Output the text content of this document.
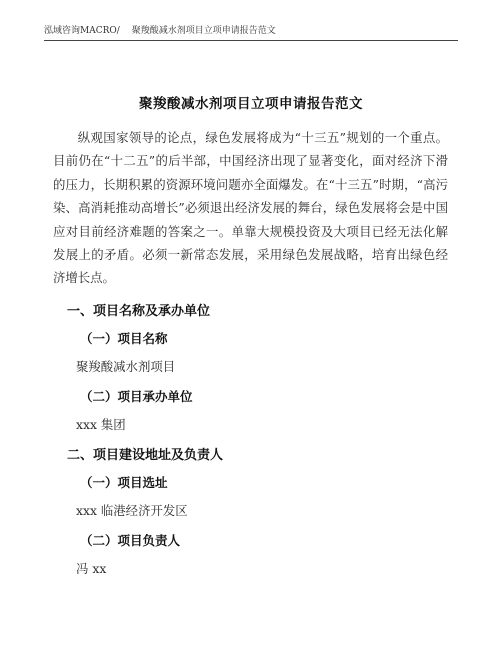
泓域咨询MACRO/ 聚羧酸减水剂项目立项申请报告范文
聚羧酸减水剂项目立项申请报告范文
纵观国家领导的论点，绿色发展将成为“十三五”规划的一个重点。目前仍在“十二五”的后半部，中国经济出现了显著变化，面对经济下滑的压力，长期积累的资源环境问题亦全面爆发。在“十三五”时期，“高污染、高消耗推动高增长”必须退出经济发展的舞台，绿色发展将会是中国应对目前经济难题的答案之一。单靠大规模投资及大项目已经无法化解发展上的矛盾。必须一新常态发展，采用绿色发展战略，培育出绿色经济增长点。
一、项目名称及承办单位
（一）项目名称
聚羧酸减水剂项目
（二）项目承办单位
xxx 集团
二、项目建设地址及负责人
（一）项目选址
xxx 临港经济开发区
（二）项目负责人
冯 xx
